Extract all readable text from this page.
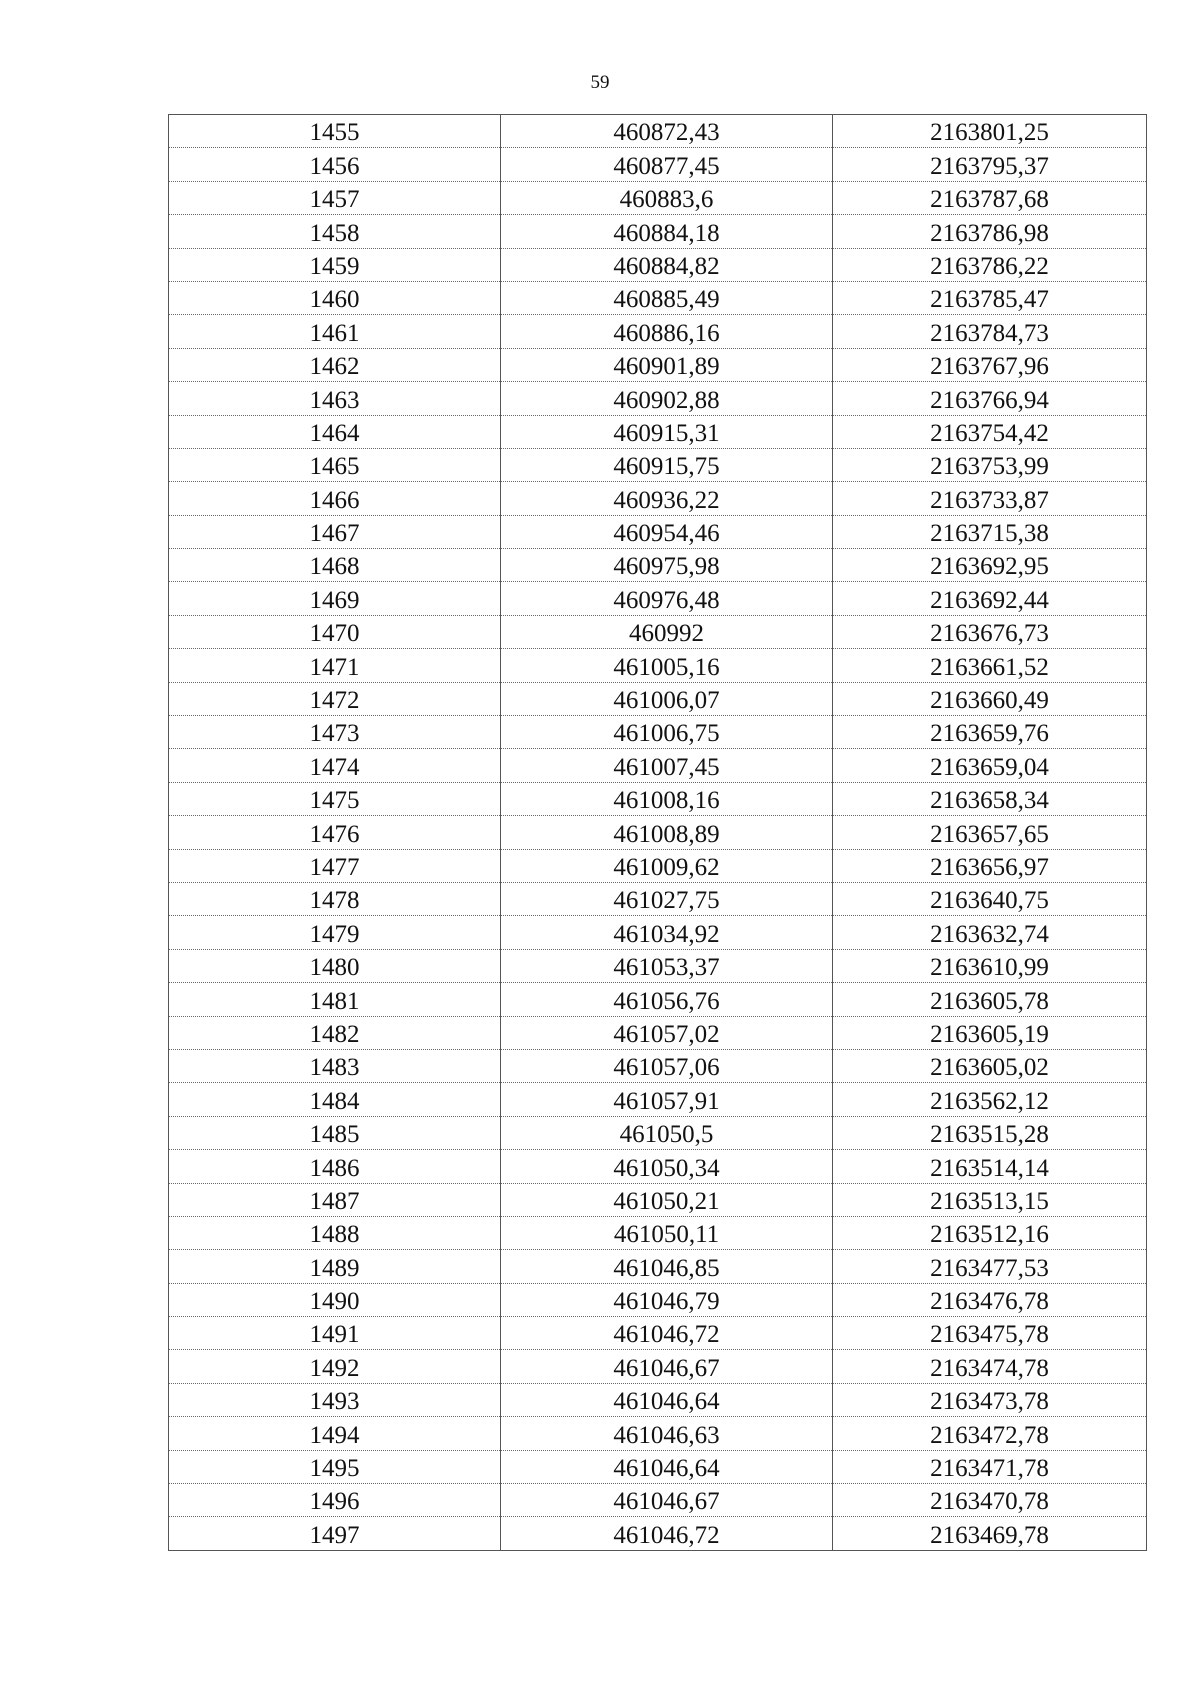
59
1455	460872,43	2163801,25
1456	460877,45	2163795,37
1457	460883,6	2163787,68
1458	460884,18	2163786,98
1459	460884,82	2163786,22
1460	460885,49	2163785,47
1461	460886,16	2163784,73
1462	460901,89	2163767,96
1463	460902,88	2163766,94
1464	460915,31	2163754,42
1465	460915,75	2163753,99
1466	460936,22	2163733,87
1467	460954,46	2163715,38
1468	460975,98	2163692,95
1469	460976,48	2163692,44
1470	460992	2163676,73
1471	461005,16	2163661,52
1472	461006,07	2163660,49
1473	461006,75	2163659,76
1474	461007,45	2163659,04
1475	461008,16	2163658,34
1476	461008,89	2163657,65
1477	461009,62	2163656,97
1478	461027,75	2163640,75
1479	461034,92	2163632,74
1480	461053,37	2163610,99
1481	461056,76	2163605,78
1482	461057,02	2163605,19
1483	461057,06	2163605,02
1484	461057,91	2163562,12
1485	461050,5	2163515,28
1486	461050,34	2163514,14
1487	461050,21	2163513,15
1488	461050,11	2163512,16
1489	461046,85	2163477,53
1490	461046,79	2163476,78
1491	461046,72	2163475,78
1492	461046,67	2163474,78
1493	461046,64	2163473,78
1494	461046,63	2163472,78
1495	461046,64	2163471,78
1496	461046,67	2163470,78
1497	461046,72	2163469,78
